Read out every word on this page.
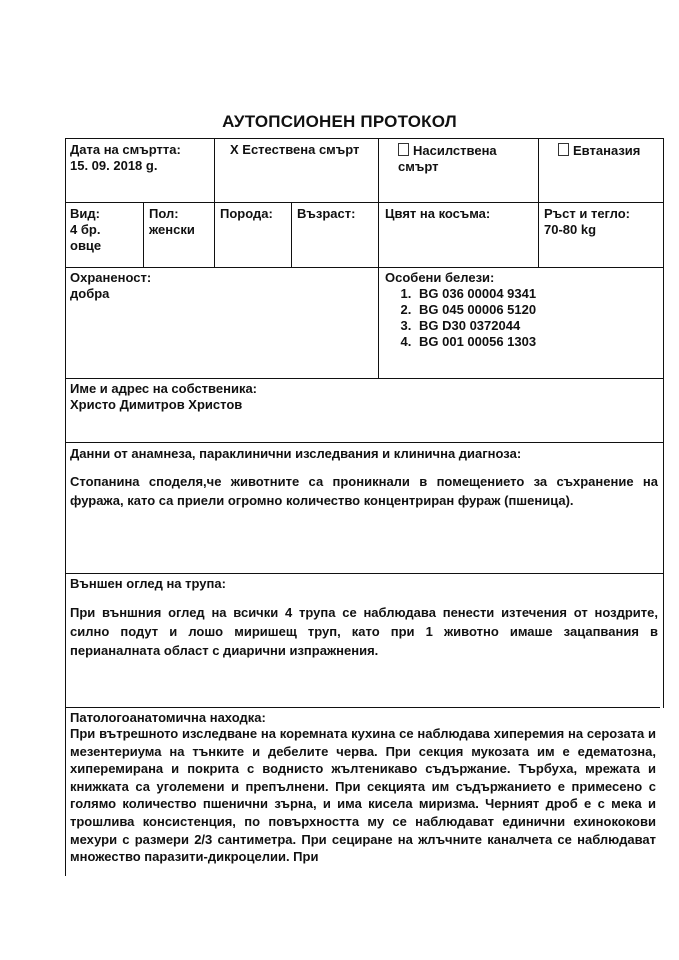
АУТОПСИОНЕН ПРОТОКОЛ
Дата на смъртта:
15. 09. 2018 g.
X Естествена смърт	Насилствена смърт
Евтаназия
Вид:
4 бр.
овце
Пол:
женски
Порода: Възраст: Цвят на косъма:	Ръст и тегло:
70-80 kg
Охраненост:
добра
Особени белези:
1. BG 036 00004 9341
2. BG 045 00006 5120
3. BG D30 0372044
4. BG 001 00056 1303
Име и адрес на собственика:
Христо Димитров Христов
Данни от анамнеза, параклинични изследвания и клинична диагноза:
Стопанина споделя,че животните са проникнали в помещението за съхранение на фуража, като са приели огромно количество концентриран фураж (пшеница).
Външен оглед на трупа:
При външния оглед на всички 4 трупа се наблюдава пенести изтечения от ноздрите, силно подут и лошо миришещ труп, като при 1 животно имаше зацапвания в перианалната област с диарични изпражнения.
Патологоанатомична находка:
При вътрешното изследване на коремната кухина се наблюдава хиперемия на серозата и мезентериума на тънките и дебелите черва. При секция мукозата им е едематозна, хиперемирана и покрита с воднисто жълтеникаво съдържание. Търбуха, мрежата и книжката са уголемени и препълнени. При секцията им съдържанието е примесено с голямо количество пшенични зърна, и има кисела миризма. Черният дроб е с мека и трошлива консистенция, по повърхността му се наблюдават единични ехинококови мехури с размери 2/3 сантиметра. При сециране на жлъчните каналчета се наблюдават множество паразити-дикроцелии. При
